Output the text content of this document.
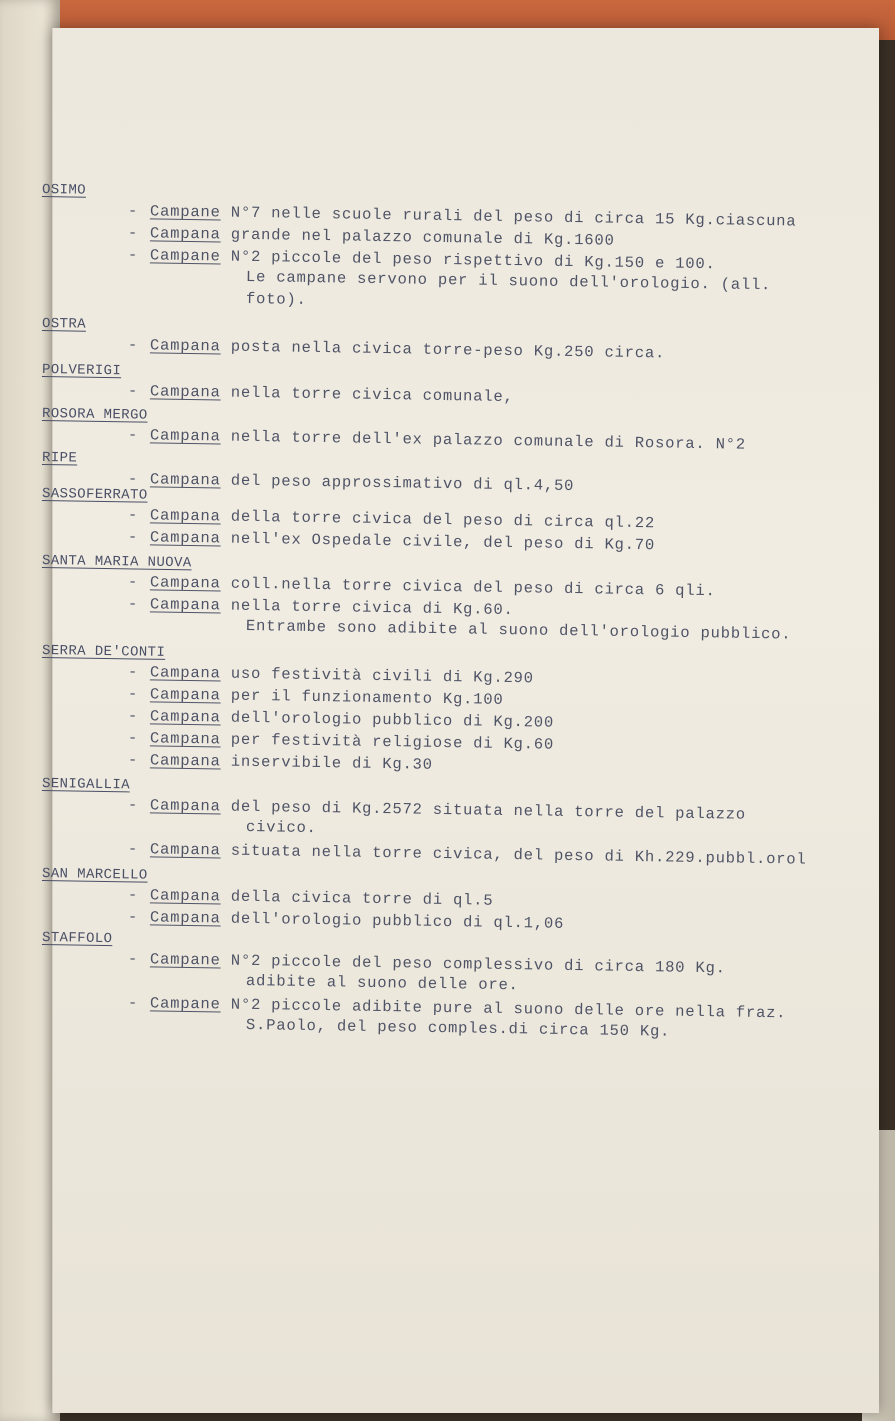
OSIMO
- Campane N°7 nelle scuole rurali del peso di circa 15 Kg.ciascuna
- Campana grande nel palazzo comunale di Kg.1600
- Campane N°2 piccole del peso rispettivo di Kg.150 e 100.
Le campane servono per il suono dell'orologio. (all.
foto).
OSTRA
- Campana posta nella civica torre-peso Kg.250 circa.
POLVERIGI
- Campana nella torre civica comunale,
ROSORA MERGO
- Campana nella torre dell'ex palazzo comunale di Rosora. N°2
RIPE
- Campana del peso approssimativo di ql.4,50
SASSOFERRATO
- Campana della torre civica del peso di circa ql.22
- Campana nell'ex Ospedale civile, del peso di Kg.70
SANTA MARIA NUOVA
- Campana coll.nella torre civica del peso di circa 6 qli.
- Campana nella torre civica di Kg.60.
Entrambe sono adibite al suono dell'orologio pubblico.
SERRA DE'CONTI
- Campana uso festività civili di Kg.290
- Campana per il funzionamento Kg.100
- Campana dell'orologio pubblico di Kg.200
- Campana per festività religiose di Kg.60
- Campana inservibile di Kg.30
SENIGALLIA
- Campana del peso di Kg.2572 situata nella torre del palazzo
civico.
- Campana situata nella torre civica, del peso di Kh.229.pubbl.orol
SAN MARCELLO
- Campana della civica torre di ql.5
- Campana dell'orologio pubblico di ql.1,06
STAFFOLO
- Campane N°2 piccole del peso complessivo di circa 180 Kg.
adibite al suono delle ore.
- Campane N°2 piccole adibite pure al suono delle ore nella fraz.
S.Paolo, del peso comples.di circa 150 Kg.
